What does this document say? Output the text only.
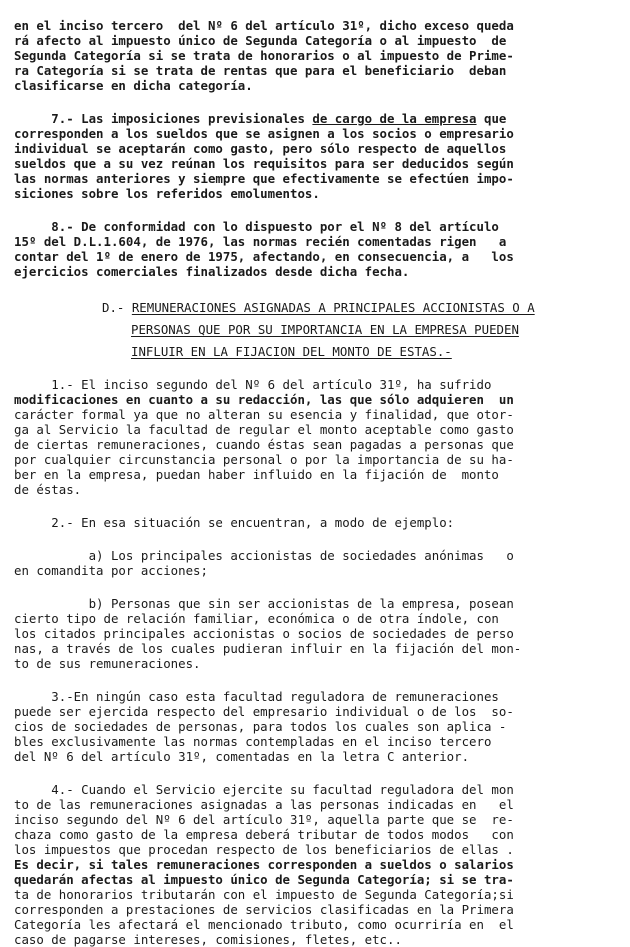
en el inciso tercero  del Nº 6 del artículo 31º, dicho exceso queda
rá afecto al impuesto único de Segunda Categoría o al impuesto  de
Segunda Categoría si se trata de honorarios o al impuesto de Prime-
ra Categoría si se trata de rentas que para el beneficiario  deban
clasificarse en dicha categoría.
7.- Las imposiciones previsionales de cargo de la empresa que
corresponden a los sueldos que se asignen a los socios o empresario
individual se aceptarán como gasto, pero sólo respecto de aquellos
sueldos que a su vez reúnan los requisitos para ser deducidos según
las normas anteriores y siempre que efectivamente se efectúen impo-
siciones sobre los referidos emolumentos.
8.- De conformidad con lo dispuesto por el Nº 8 del artículo
15º del D.L.1.604, de 1976, las normas recién comentadas rigen   a
contar del 1º de enero de 1975, afectando, en consecuencia, a   los
ejercicios comerciales finalizados desde dicha fecha.
D.- REMUNERACIONES ASIGNADAS A PRINCIPALES ACCIONISTAS O A
PERSONAS QUE POR SU IMPORTANCIA EN LA EMPRESA PUEDEN
INFLUIR EN LA FIJACION DEL MONTO DE ESTAS.-
1.- El inciso segundo del Nº 6 del artículo 31º, ha sufrido
modificaciones en cuanto a su redacción, las que sólo adquieren  un
carácter formal ya que no alteran su esencia y finalidad, que otor-
ga al Servicio la facultad de regular el monto aceptable como gasto
de ciertas remuneraciones, cuando éstas sean pagadas a personas que
por cualquier circunstancia personal o por la importancia de su ha-
ber en la empresa, puedan haber influido en la fijación de  monto
de éstas.
2.- En esa situación se encuentran, a modo de ejemplo:
a) Los principales accionistas de sociedades anónimas   o
en comandita por acciones;
b) Personas que sin ser accionistas de la empresa, posean
cierto tipo de relación familiar, económica o de otra índole, con
los citados principales accionistas o socios de sociedades de perso
nas, a través de los cuales pudieran influir en la fijación del mon-
to de sus remuneraciones.
3.-En ningún caso esta facultad reguladora de remuneraciones
puede ser ejercida respecto del empresario individual o de los  so-
cios de sociedades de personas, para todos los cuales son aplica -
bles exclusivamente las normas contempladas en el inciso tercero
del Nº 6 del artículo 31º, comentadas en la letra C anterior.
4.- Cuando el Servicio ejercite su facultad reguladora del mon
to de las remuneraciones asignadas a las personas indicadas en   el
inciso segundo del Nº 6 del artículo 31º, aquella parte que se  re-
chaza como gasto de la empresa deberá tributar de todos modos   con
los impuestos que procedan respecto de los beneficiarios de ellas .
Es decir, si tales remuneraciones corresponden a sueldos o salarios
quedarán afectas al impuesto único de Segunda Categoría; si se tra-
ta de honorarios tributarán con el impuesto de Segunda Categoría;si
corresponden a prestaciones de servicios clasificadas en la Primera
Categoría les afectará el mencionado tributo, como ocurriría en  el
caso de pagarse intereses, comisiones, fletes, etc..
